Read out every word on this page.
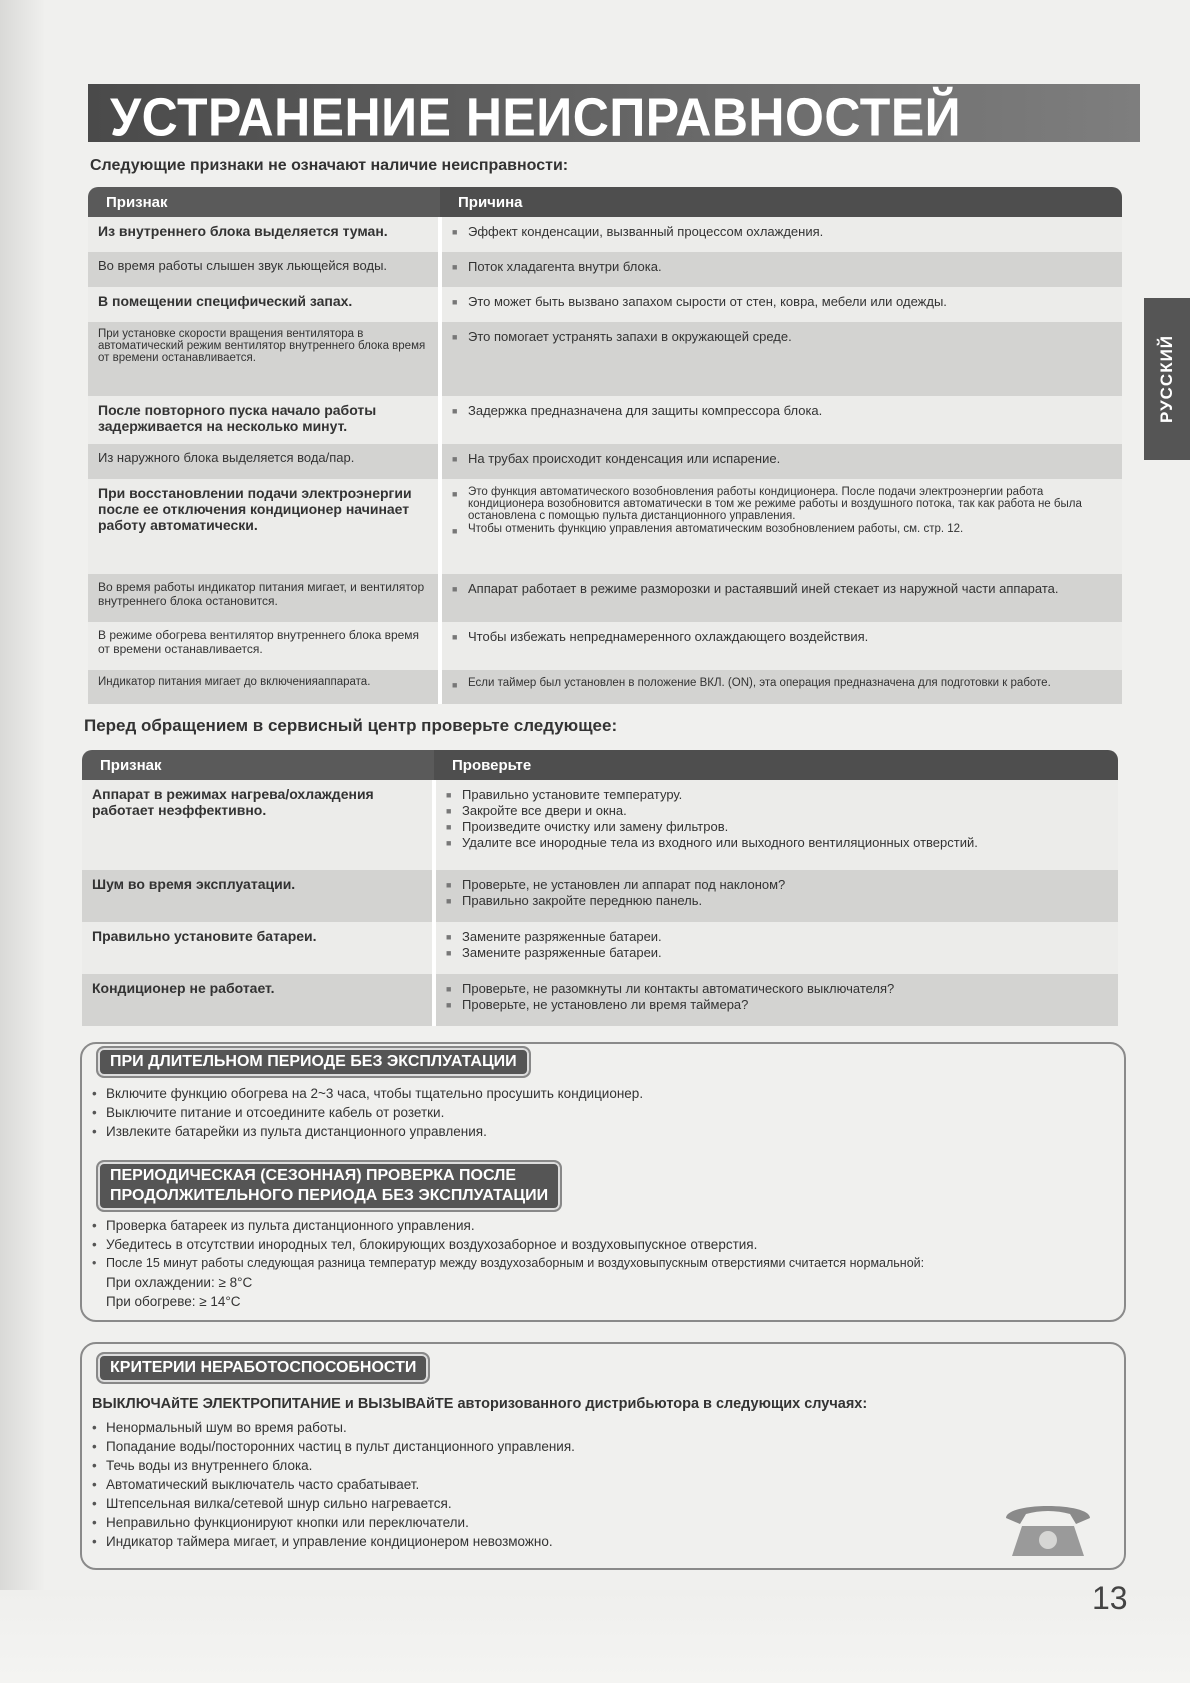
УСТРАНЕНИЕ НЕИСПРАВНОСТЕЙ
РУССКИЙ
Следующие признаки не означают наличие неисправности:
Признак	Причина
Из внутреннего блока выделяется туман.	■ Эффект конденсации, вызванный процессом охлаждения.

Во время работы слышен звук льющейся воды.	■ Поток хладагента внутри блока.

В помещении специфический запах.	■ Это может быть вызвано запахом сырости от стен, ковра, мебели или одежды.

При установке скорости вращения вентилятора в автоматический режим вентилятор внутреннего блока время от времени останавливается.	■ Это помогает устранять запахи в окружающей среде.

После повторного пуска начало работы задерживается на несколько минут.	■ Задержка предназначена для защиты компрессора блока.

Из наружного блока выделяется вода/пар.	■ На трубах происходит конденсация или испарение.

При восстановлении подачи электроэнергии после ее отключения кондиционер начинает работу автоматически.	■ Это функция автоматического возобновления работы кондиционера. После подачи электроэнергии работа кондиционера возобновится автоматически в том же режиме работы и воздушного потока, так как работа не была остановлена с помощью пульта дистанционного управления.
■ Чтобы отменить функцию управления автоматическим возобновлением работы, см. стр. 12.

Во время работы индикатор питания мигает, и вентилятор внутреннего блока остановится.	■ Аппарат работает в режиме разморозки и растаявший иней стекает из наружной части аппарата.

В режиме обогрева вентилятор внутреннего блока время от времени останавливается.	■ Чтобы избежать непреднамеренного охлаждающего воздействия.

Индикатор питания мигает до включенияаппарата.	■ Если таймер был установлен в положение ВКЛ. (ON), эта операция предназначена для подготовки к работе.
Перед обращением в сервисный центр проверьте следующее:
Признак	Проверьте
Аппарат в режимах нагрева/охлаждения работает неэффективно.	■ Правильно установите температуру.
■ Закройте все двери и окна.
■ Произведите очистку или замену фильтров.
■ Удалите все инородные тела из входного или выходного вентиляционных отверстий.

Шум во время эксплуатации.	■ Проверьте, не установлен ли аппарат под наклоном?
■ Правильно закройте переднюю панель.

Правильно установите батареи.	■ Замените разряженные батареи.
■ Замените разряженные батареи.

Кондиционер не работает.	■ Проверьте, не разомкнуты ли контакты автоматического выключателя?
■ Проверьте, не установлено ли время таймера?
ПРИ ДЛИТЕЛЬНОМ ПЕРИОДЕ БЕЗ ЭКСПЛУАТАЦИИ
• Включите функцию обогрева на 2~3 часа, чтобы тщательно просушить кондиционер.
• Выключите питание и отсоедините кабель от розетки.
• Извлеките батарейки из пульта дистанционного управления.
ПЕРИОДИЧЕСКАЯ (СЕЗОННАЯ) ПРОВЕРКА ПОСЛЕ
ПРОДОЛЖИТЕЛЬНОГО ПЕРИОДА БЕЗ ЭКСПЛУАТАЦИИ
• Проверка батареек из пульта дистанционного управления.
• Убедитесь в отсутствии инородных тел, блокирующих воздухозаборное и воздуховыпускное отверстия.
• После 15 минут работы следующая разница температур между воздухозаборным и воздуховыпускным отверстиями считается нормальной:
При охлаждении: ≥ 8°C
При обогреве: ≥ 14°C
КРИТЕРИИ НЕРАБОТОСПОСОБНОСТИ
ВЫКЛЮЧАйТЕ ЭЛЕКТРОПИТАНИЕ и ВЫЗЫВАйТЕ авторизованного дистрибьютора в следующих случаях:
• Ненормальный шум во время работы.
• Попадание воды/посторонних частиц в пульт дистанционного управления.
• Течь воды из внутреннего блока.
• Автоматический выключатель часто срабатывает.
• Штепсельная вилка/сетевой шнур сильно нагревается.
• Неправильно функционируют кнопки или переключатели.
• Индикатор таймера мигает, и управление кондиционером невозможно.
13
